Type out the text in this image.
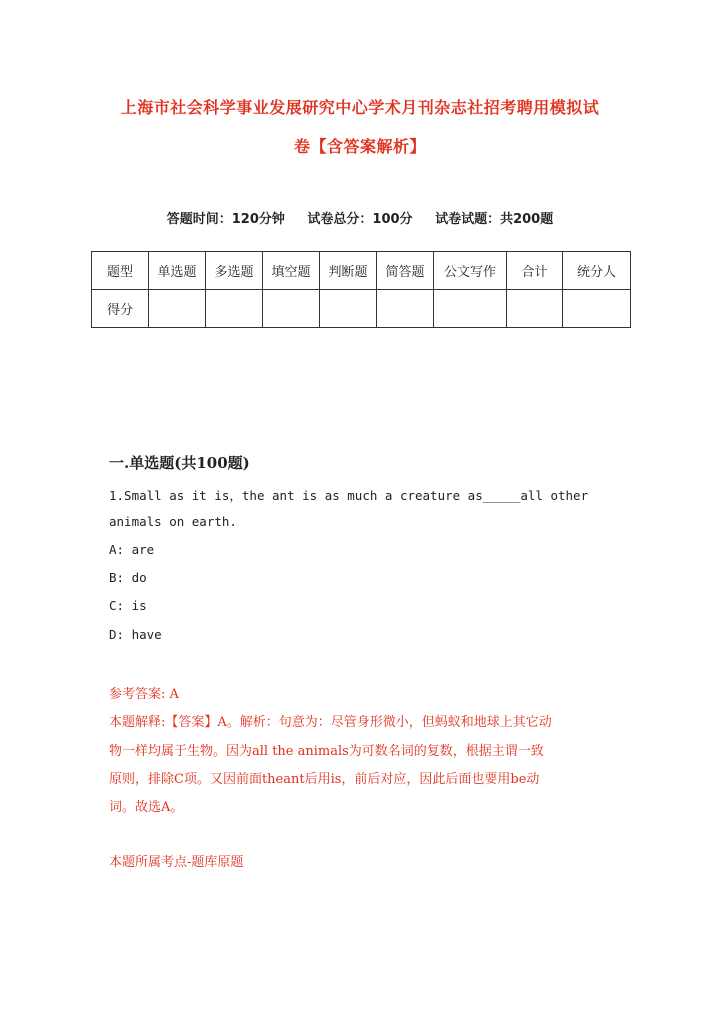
上海市社会科学事业发展研究中心学术月刊杂志社招考聘用模拟试
卷【含答案解析】
答题时间：120分钟 试卷总分：100分 试卷试题：共200题
题型	单选题	多选题	填空题	判断题	简答题	公文写作	合计	统分人
得分								
一.单选题(共100题)
1.Small as it is，the ant is as much a creature as_____all other
animals on earth.
A: are
B: do
C: is
D: have
参考答案: A
本题解释:【答案】A。解析：句意为：尽管身形微小，但蚂蚁和地球上其它动
物一样均属于生物。因为all the animals为可数名词的复数，根据主谓一致
原则，排除C项。又因前面theant后用is，前后对应，因此后面也要用be动
词。故选A。
本题所属考点-题库原题
